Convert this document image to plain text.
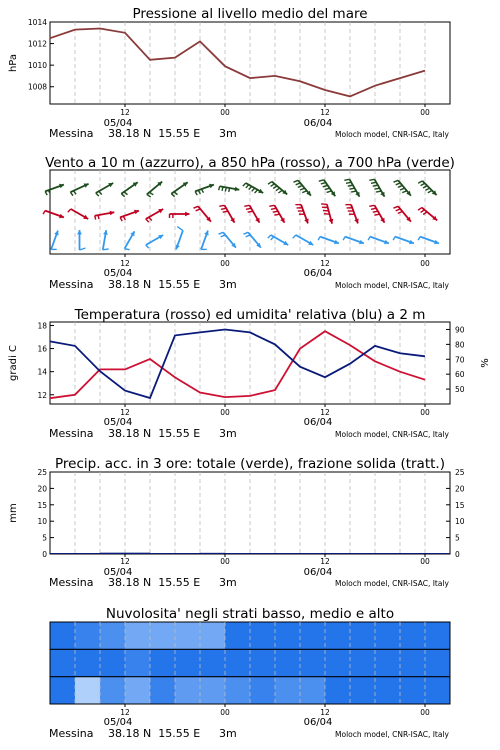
Pressione al livello medio del mare
1014
1012
1010
1008
hPa
12	00	12	00
05/04	06/04
Messina 38.18 N  15.55 E 3m	Moloch model, CNR-ISAC, Italy
Vento a 10 m (azzurro), a 850 hPa (rosso), a 700 hPa (verde)
12	00	12	00
05/04	06/04
Messina 38.18 N  15.55 E 3m	Moloch model, CNR-ISAC, Italy
Temperatura (rosso) ed umidita' relativa (blu) a 2 m
18
16
14
12
90
80
70
60
50
gradi C	%
12	00	12	00
05/04	06/04
Messina 38.18 N  15.55 E 3m	Moloch model, CNR-ISAC, Italy
Precip. acc. in 3 ore: totale (verde), frazione solida (tratt.)
25	25
20	20
15	15
10	10
5	5
0	0
mm
12	00	12	00
05/04	06/04
Messina 38.18 N  15.55 E 3m	Moloch model, CNR-ISAC, Italy
Nuvolosita' negli strati basso, medio e alto
12	00	12	00
05/04	06/04
Messina 38.18 N  15.55 E 3m	Moloch model, CNR-ISAC, Italy
